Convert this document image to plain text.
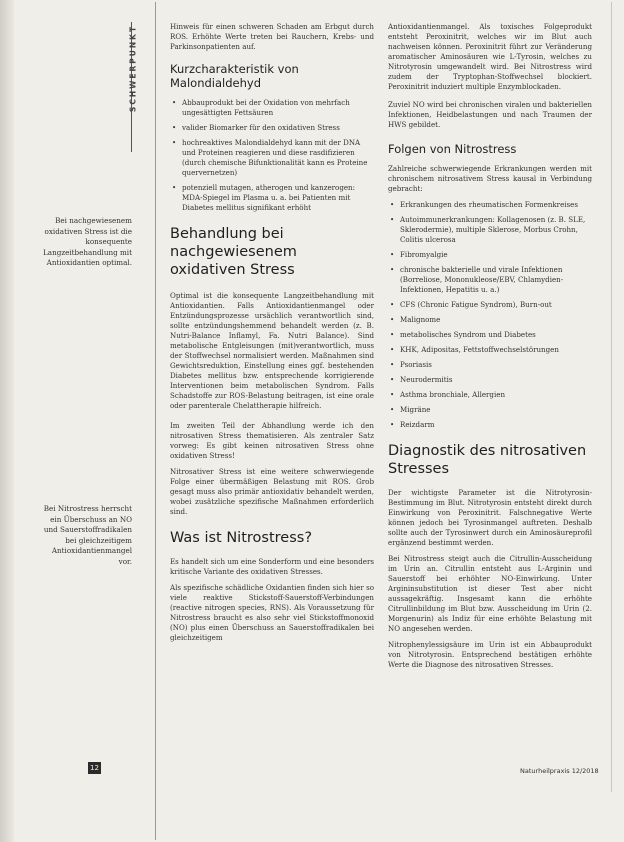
SCHWERPUNKT
Bei nachgewiesenem oxidativen Stress ist die konsequente Langzeitbehandlung mit Antioxidantien optimal.
Bei Nitrostress herrscht ein Überschuss an NO und Sauerstoffradikalen bei gleichzeitigem Antioxidantienmangel vor.
12

Hinweis für einen schweren Schaden am Erbgut durch ROS. Erhöhte Werte treten bei Rauchern, Krebs- und Parkinsonpatienten auf.

Kurzcharakteristik von Malondialdehyd
• Abbauprodukt bei der Oxidation von mehrfach ungesättigten Fettsäuren
• valider Biomarker für den oxidativen Stress
• hochreaktives Malondialdehyd kann mit der DNA und Proteinen reagieren und diese rasdifizieren (durch chemische Bifunktionalität kann es Proteine quervernetzen)
• potenziell mutagen, atherogen und kanzerogen: MDA-Spiegel im Plasma u. a. bei Patienten mit Diabetes mellitus signifikant erhöht
Behandlung bei nachgewiesenem oxidativen Stress

Optimal ist die konsequente Langzeitbehandlung mit Antioxidantien. Falls Antioxidantienmangel oder Entzündungsprozesse ursächlich verantwortlich sind, sollte entzündungshemmend behandelt werden (z. B. Nutri-Balance Inflamyl, Fa. Nutri Balance). Sind metabolische Entgleisungen (mit)verantwortlich, muss der Stoffwechsel normalisiert werden. Maßnahmen sind Gewichtsreduktion, Einstellung eines ggf. bestehenden Diabetes mellitus bzw. entsprechende korrigierende Interventionen beim metabolischen Syndrom. Falls Schadstoffe zur ROS-Belastung beitragen, ist eine orale oder parenterale Chelattherapie hilfreich.

Im zweiten Teil der Abhandlung werde ich den nitrosativen Stress thematisieren. Als zentraler Satz vorweg: Es gibt keinen nitrosativen Stress ohne oxidativen Stress!

Nitrosativer Stress ist eine weitere schwerwiegende Folge einer übermäßigen Belastung mit ROS. Grob gesagt muss also primär antioxidativ behandelt werden, wobei zusätzliche spezifische Maßnahmen erforderlich sind.

Was ist Nitrostress?

Es handelt sich um eine Sonderform und eine besonders kritische Variante des oxidativen Stresses.

Als spezifische schädliche Oxidantien finden sich hier so viele reaktive Stickstoff-Sauerstoff-Verbindungen (reactive nitrogen species, RNS). Als Voraussetzung für Nitrostress braucht es also sehr viel Stickstoffmonoxid (NO) plus einen Überschuss an Sauerstoffradikalen bei gleichzeitigem

Antioxidantienmangel. Als toxisches Folgeprodukt entsteht Peroxinitrit, welches wir im Blut auch nachweisen können. Peroxinitrit führt zur Veränderung aromatischer Aminosäuren wie L-Tyrosin, welches zu Nitrotyrosin umgewandelt wird. Bei Nitrostress wird zudem der Tryptophan-Stoffwechsel blockiert. Peroxinitrit induziert multiple Enzymblockaden.

Zuviel NO wird bei chronischen viralen und bakteriellen Infektionen, Heidbelastungen und nach Traumen der HWS gebildet.

Folgen von Nitrostress

Zahlreiche schwerwiegende Erkrankungen werden mit chronischem nitrosativem Stress kausal in Verbindung gebracht:

• Erkrankungen des rheumatischen Formenkreises
• Autoimmunerkrankungen: Kollagenosen (z. B. SLE, Sklerodermie), multiple Sklerose, Morbus Crohn, Colitis ulcerosa
• Fibromyalgie
• chronische bakterielle und virale Infektionen (Borreliose, Mononukleose/EBV, Chlamydien-Infektionen, Hepatitis u. a.)
• CFS (Chronic Fatigue Syndrom), Burn-out
• Malignome
• metabolisches Syndrom und Diabetes
• KHK, Adipositas, Fettstoffwechselstörungen
• Psoriasis
• Neurodermitis
• Asthma bronchiale, Allergien
• Migräne
• Reizdarm
Diagnostik des nitrosativen Stresses

Der wichtigste Parameter ist die Nitrotyrosin-Bestimmung im Blut. Nitrotyrosin entsteht direkt durch Einwirkung von Peroxinitrit. Falschnegative Werte können jedoch bei Tyrosinmangel auftreten. Deshalb sollte auch der Tyrosinwert durch ein Aminosäureprofil ergänzend bestimmt werden.

Bei Nitrostress steigt auch die Citrullin-Ausscheidung im Urin an. Citrullin entsteht aus L-Arginin und Sauerstoff bei erhöhter NO-Einwirkung. Unter Argininsubstitution ist dieser Test aber nicht aussagekräftig. Insgesamt kann die erhöhte Citrullinbildung im Blut bzw. Ausscheidung im Urin (2. Morgenurin) als Indiz für eine erhöhte Belastung mit NO angesehen werden.

Nitrophenylessigsäure im Urin ist ein Abbauprodukt von Nitrotyrosin. Entsprechend bestätigen erhöhte Werte die Diagnose des nitrosativen Stresses.

Naturheilpraxis 12/2018
